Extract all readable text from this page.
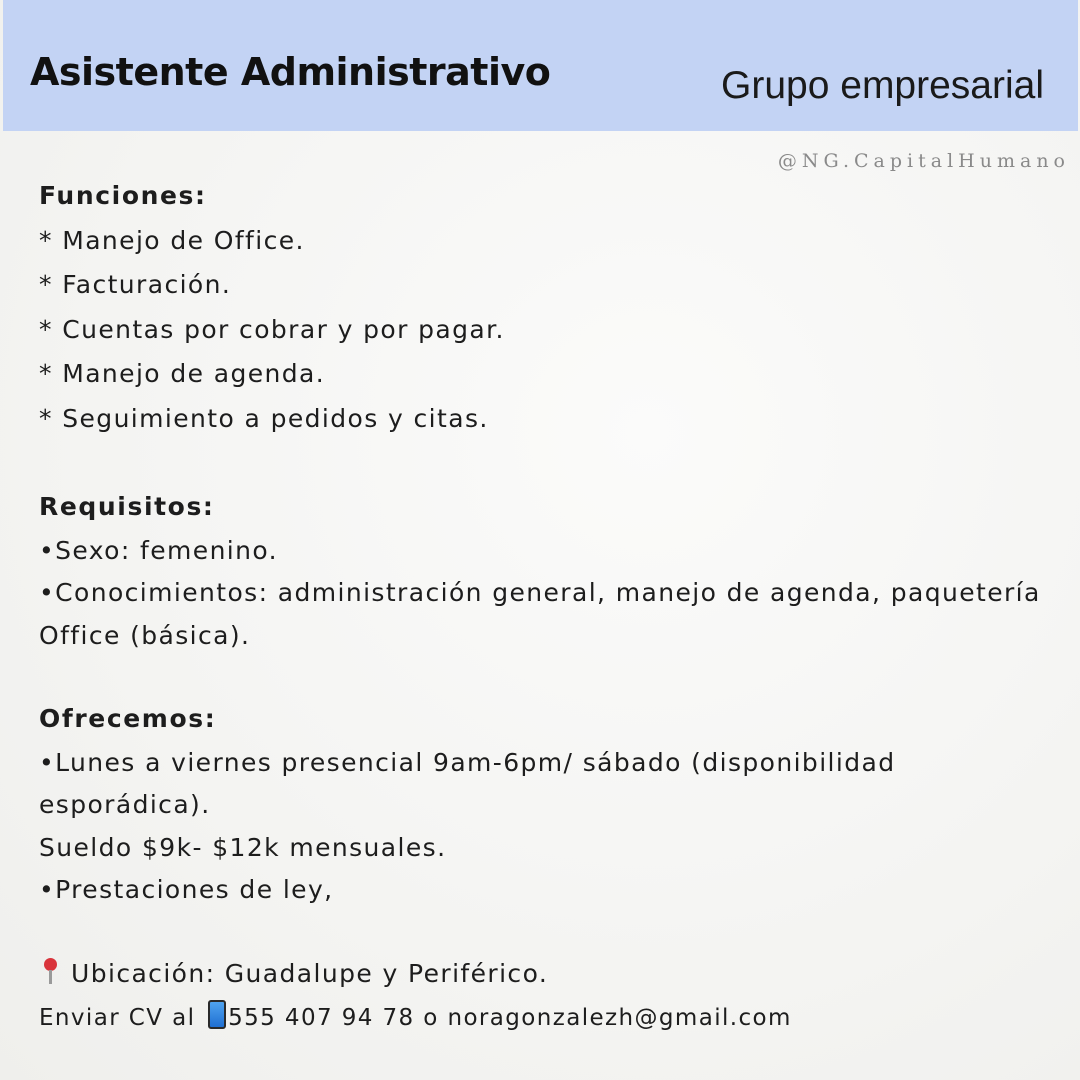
Asistente Administrativo	Grupo empresarial
@NG.CapitalHumano
Funciones:
* Manejo de Office.
* Facturación.
* Cuentas por cobrar y por pagar.
* Manejo de agenda.
* Seguimiento a pedidos y citas.
Requisitos:
•Sexo: femenino.
•Conocimientos: administración general, manejo de agenda, paquetería Office (básica).
Ofrecemos:
•Lunes a viernes presencial 9am-6pm/ sábado (disponibilidad esporádica).
Sueldo $9k- $12k mensuales.
•Prestaciones de ley,
Ubicación: Guadalupe y Periférico.
Enviar CV al 555 407 94 78 o noragonzalezh@gmail.com
